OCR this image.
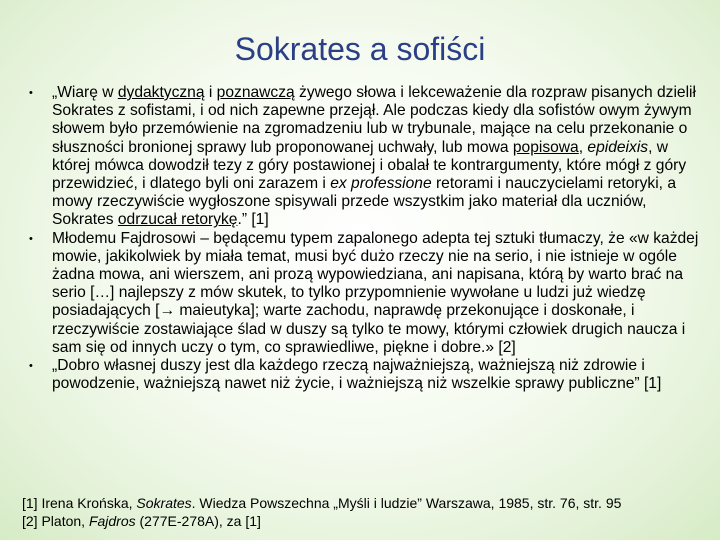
Sokrates a sofiści
• „Wiarę w dydaktyczną i poznawczą żywego słowa i lekceważenie dla rozpraw pisanych dzielił Sokrates z sofistami, i od nich zapewne przejął. Ale podczas kiedy dla sofistów owym żywym słowem było przemówienie na zgromadzeniu lub w trybunale, mające na celu przekonanie o słuszności bronionej sprawy lub proponowanej uchwały, lub mowa popisowa, epideixis, w której mówca dowodził tezy z góry postawionej i obalał te kontrargumenty, które mógł z góry przewidzieć, i dlatego byli oni zarazem i ex professione retorami i nauczycielami retoryki, a mowy rzeczywiście wygłoszone spisywali przede wszystkim jako materiał dla uczniów, Sokrates odrzucał retorykę.” [1]
• Młodemu Fajdrosowi – będącemu typem zapalonego adepta tej sztuki tłumaczy, że «w każdej mowie, jakikolwiek by miała temat, musi być dużo rzeczy nie na serio, i nie istnieje w ogóle żadna mowa, ani wierszem, ani prozą wypowiedziana, ani napisana, którą by warto brać na serio […] najlepszy z mów skutek, to tylko przypomnienie wywołane u ludzi już wiedzę posiadających [→ maieutyka]; warte zachodu, naprawdę przekonujące i doskonałe, i rzeczywiście zostawiające ślad w duszy są tylko te mowy, którymi człowiek drugich naucza i sam się od innych uczy o tym, co sprawiedliwe, piękne i dobre.» [2]
• „Dobro własnej duszy jest dla każdego rzeczą najważniejszą, ważniejszą niż zdrowie i powodzenie, ważniejszą nawet niż życie, i ważniejszą niż wszelkie sprawy publiczne” [1]
[1] Irena Krońska, Sokrates. Wiedza Powszechna „Myśli i ludzie” Warszawa, 1985, str. 76, str. 95
[2] Platon, Fajdros (277E-278A), za [1]
